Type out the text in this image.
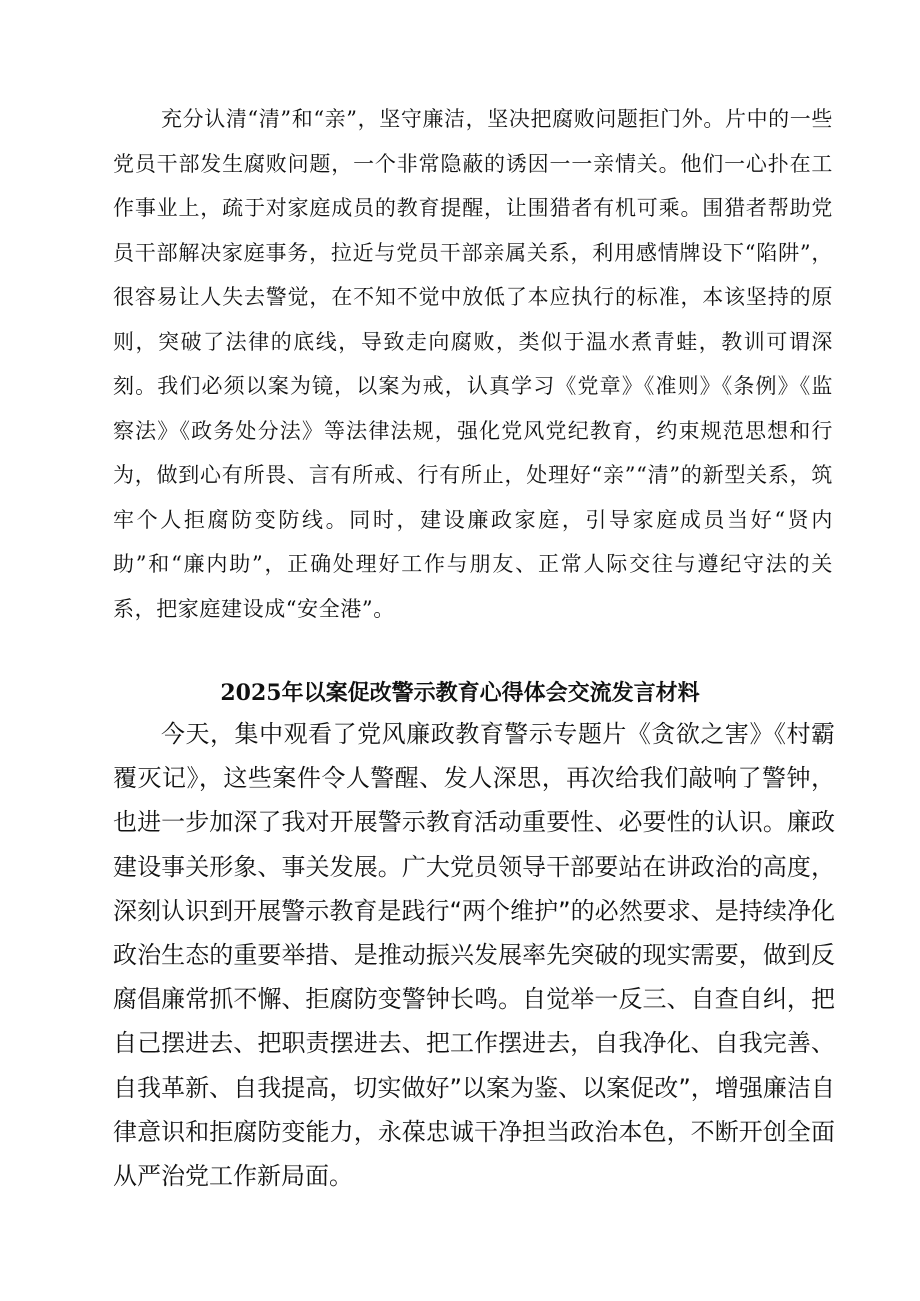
充分认清“清”和“亲”，坚守廉洁，坚决把腐败问题拒门外。片中的一些党员干部发生腐败问题，一个非常隐蔽的诱因一一亲情关。他们一心扑在工作事业上，疏于对家庭成员的教育提醒，让围猎者有机可乘。围猎者帮助党员干部解决家庭事务，拉近与党员干部亲属关系，利用感情牌设下“陷阱”，很容易让人失去警觉，在不知不觉中放低了本应执行的标准，本该坚持的原则，突破了法律的底线，导致走向腐败，类似于温水煮青蛙，教训可谓深刻。我们必须以案为镜，以案为戒，认真学习《党章》《准则》《条例》《监察法》《政务处分法》等法律法规，强化党风党纪教育，约束规范思想和行为，做到心有所畏、言有所戒、行有所止，处理好“亲”“清”的新型关系，筑牢个人拒腐防变防线。同时，建设廉政家庭，引导家庭成员当好“贤内助”和“廉内助”，正确处理好工作与朋友、正常人际交往与遵纪守法的关系，把家庭建设成“安全港”。

2025年以案促改警示教育心得体会交流发言材料

今天，集中观看了党风廉政教育警示专题片《贪欲之害》《村霸覆灭记》，这些案件令人警醒、发人深思，再次给我们敲响了警钟，也进一步加深了我对开展警示教育活动重要性、必要性的认识。廉政建设事关形象、事关发展。广大党员领导干部要站在讲政治的高度，深刻认识到开展警示教育是践行“两个维护”的必然要求、是持续净化政治生态的重要举措、是推动振兴发展率先突破的现实需要，做到反腐倡廉常抓不懈、拒腐防变警钟长鸣。自觉举一反三、自查自纠，把自己摆进去、把职责摆进去、把工作摆进去，自我净化、自我完善、自我革新、自我提高，切实做好”以案为鉴、以案促改”，增强廉洁自律意识和拒腐防变能力，永葆忠诚干净担当政治本色，不断开创全面从严治党工作新局面。
